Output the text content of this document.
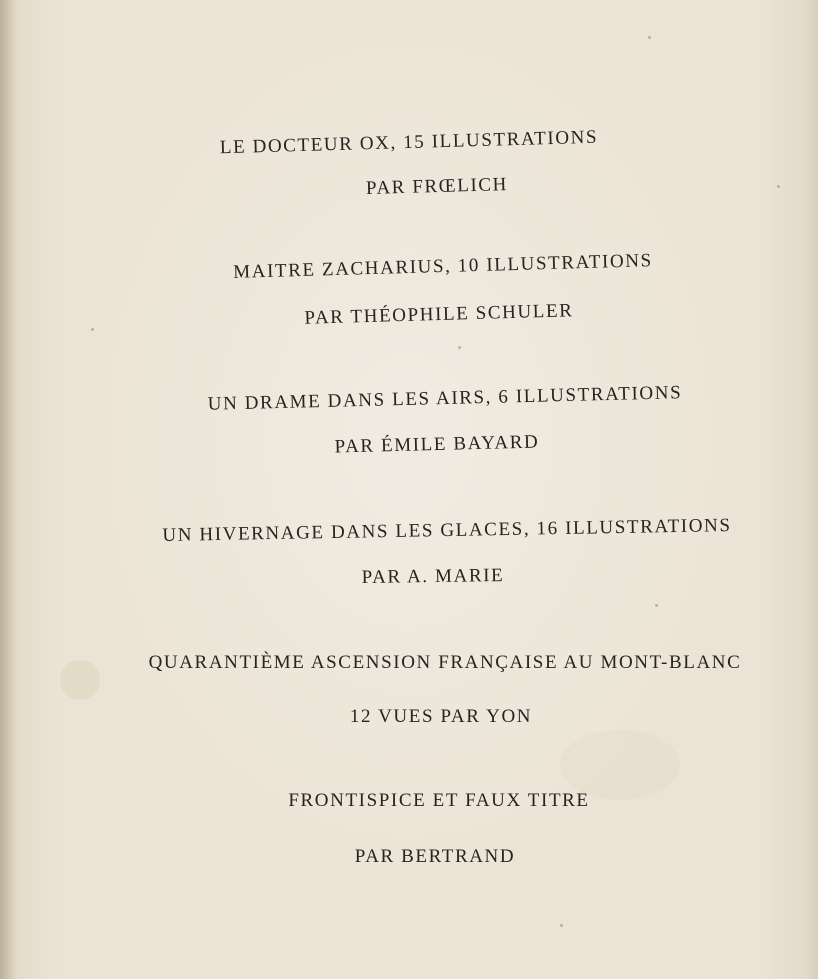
LE DOCTEUR OX, 15 ILLUSTRATIONS
PAR FRŒLICH
MAITRE ZACHARIUS, 10 ILLUSTRATIONS
PAR THÉOPHILE SCHULER
UN DRAME DANS LES AIRS, 6 ILLUSTRATIONS
PAR ÉMILE BAYARD
UN HIVERNAGE DANS LES GLACES, 16 ILLUSTRATIONS
PAR A. MARIE
QUARANTIÈME ASCENSION FRANÇAISE AU MONT-BLANC
12 VUES PAR YON
FRONTISPICE ET FAUX TITRE
PAR BERTRAND
